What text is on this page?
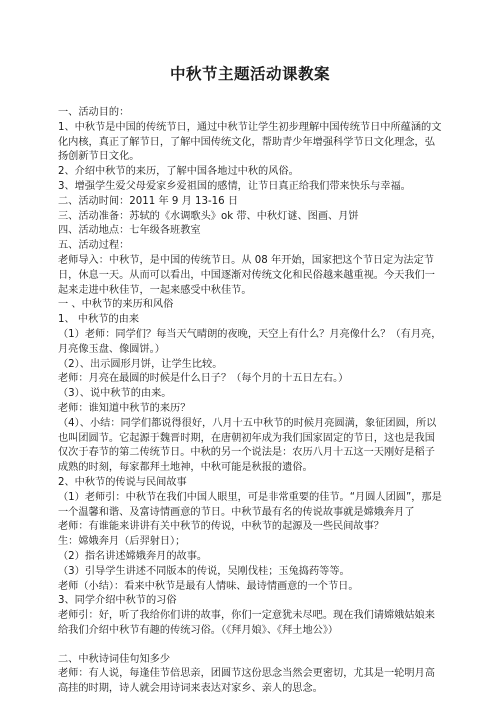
中秋节主题活动课教案

一、活动目的：

1、中秋节是中国的传统节日，通过中秋节让学生初步理解中国传统节日中所蕴涵的文化内核，真正了解节日，了解中国传统文化，帮助青少年增强科学节日文化理念，弘扬创新节日文化。

2、介绍中秋节的来历，了解中国各地过中秋的风俗。

3、增强学生爱父母爱家乡爱祖国的感情，让节日真正给我们带来快乐与幸福。

二、活动时间：2011 年 9 月 13-16 日

三、活动准备：苏轼的《水调歌头》ok 带、中秋灯谜、图画、月饼

四、活动地点：七年级各班教室

五、活动过程：

老师导入：中秋节，是中国的传统节日。从 08 年开始，国家把这个节日定为法定节日，休息一天。从而可以看出，中国逐渐对传统文化和民俗越来越重视。今天我们一起来走进中秋佳节，一起来感受中秋佳节。

一 、中秋节的来历和风俗

1、 中秋节的由来

（1）老师：同学们？每当天气晴朗的夜晚，天空上有什么？月亮像什么？（有月亮，月亮像玉盘、像圆饼。）

（2）、出示圆形月饼，让学生比较。

老师：月亮在最圆的时候是什么日子？（每个月的十五日左右。）

（3）、说中秋节的由来。

老师：谁知道中秋节的来历？

（4）、小结：同学们都说得很好，八月十五中秋节的时候月亮圆满，象征团圆，所以也叫团圆节。它起源于魏晋时期，在唐朝初年成为我们国家固定的节日，这也是我国仅次于春节的第二传统节日。中秋的另一个说法是：农历八月十五这一天刚好是稻子成熟的时刻，每家都拜土地神，中秋可能是秋报的遗俗。

2、中秋节的传说与民间故事

（1）老师引：中秋节在我们中国人眼里，可是非常重要的佳节。“月圆人团圆”，那是一个温馨和谐、及富诗情画意的节日。中秋节最有名的传说故事就是嫦娥奔月了

老师：有谁能来讲讲有关中秋节的传说，中秋节的起源及一些民间故事？

生：嫦娥奔月（后羿射日）；

（2）指名讲述嫦娥奔月的故事。

（3）引导学生讲述不同版本的传说，吴刚伐桂；玉兔捣药等等。

老师（小结）：看来中秋节是最有人情味、最诗情画意的一个节日。

3、同学介绍中秋节的习俗

老师引：好，听了我给你们讲的故事，你们一定意犹未尽吧。现在我们请嫦娥姑娘来给我们介绍中秋节有趣的传统习俗。（《拜月娘》、《拜土地公》）

二、中秋诗词佳句知多少

老师：有人说，每逢佳节倍思亲，团圆节这份思念当然会更密切，尤其是一轮明月高高挂的时期，诗人就会用诗词来表达对家乡、亲人的思念。
